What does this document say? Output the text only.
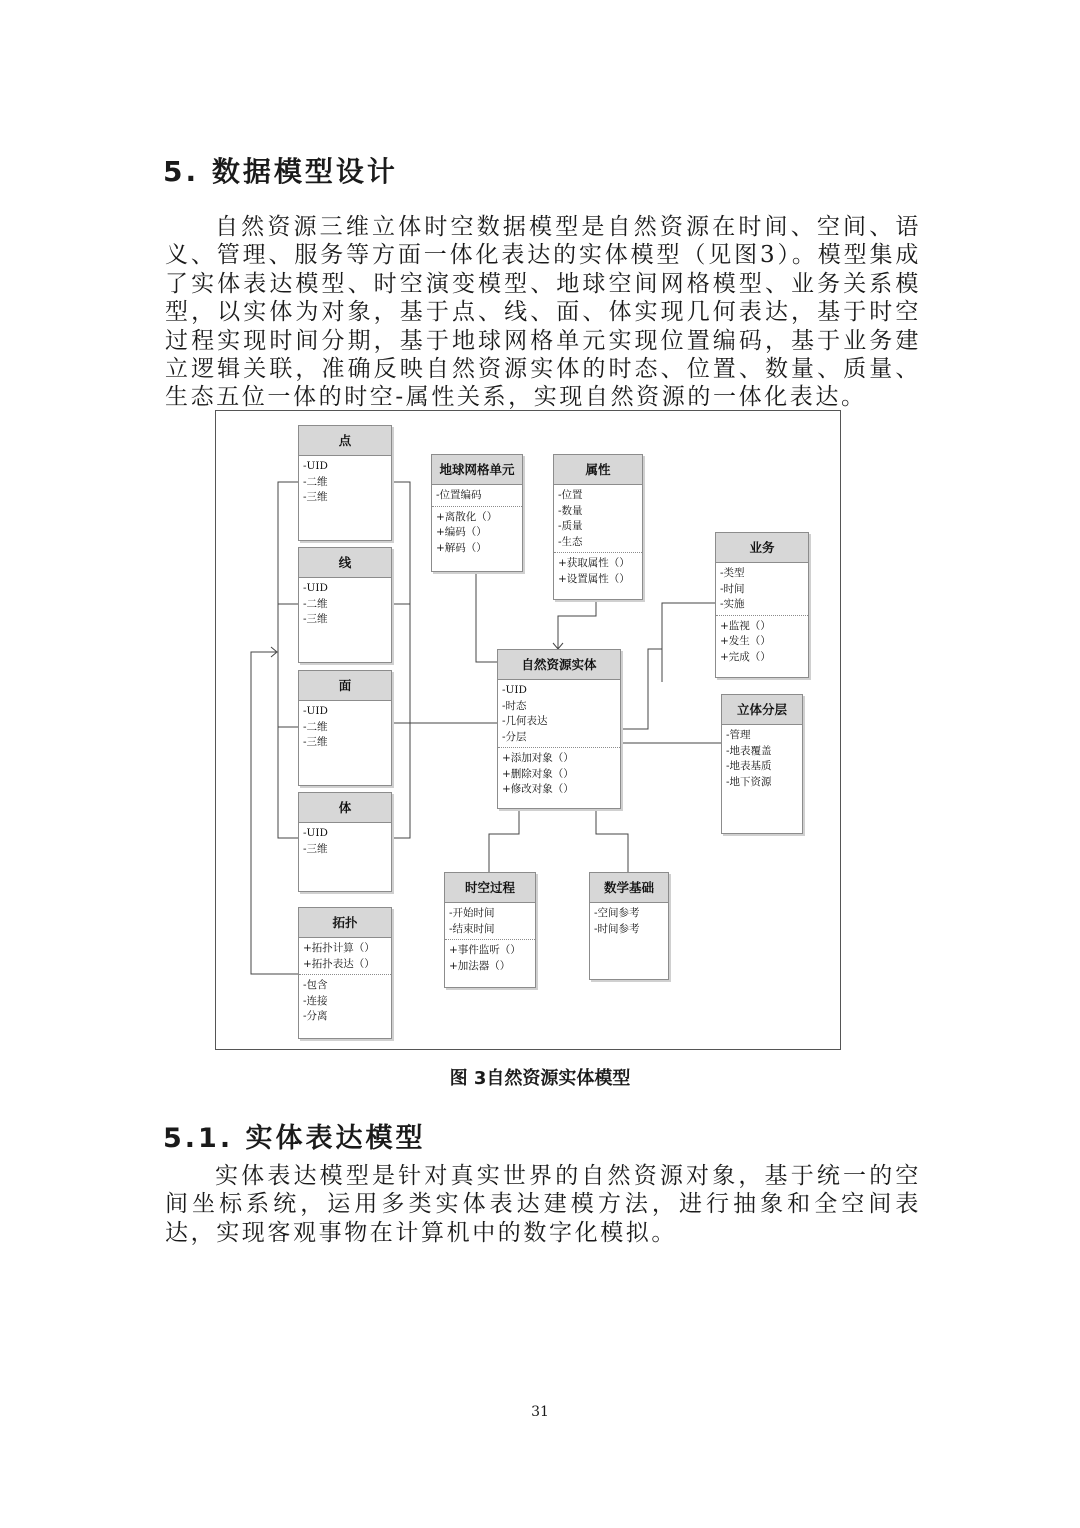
5. 数据模型设计

自然资源三维立体时空数据模型是自然资源在时间、空间、语义、管理、服务等方面一体化表达的实体模型（见图3）。模型集成了实体表达模型、时空演变模型、地球空间网格模型、业务关系模型，以实体为对象，基于点、线、面、体实现几何表达，基于时空过程实现时间分期，基于地球网格单元实现位置编码，基于业务建立逻辑关联，准确反映自然资源实体的时态、位置、数量、质量、生态五位一体的时空-属性关系，实现自然资源的一体化表达。

点
-UID
-二维
-三维
线
-UID
-二维
-三维
面
-UID
-二维
-三维
体
-UID
-三维
拓扑
+拓扑计算（）
+拓扑表达（）
-包含
-连接
-分离
地球网格单元
-位置编码
+离散化（）
+编码（）
+解码（）
属性
-位置
-数量
-质量
-生态
+获取属性（）
+设置属性（）
业务
-类型
-时间
-实施
+监视（）
+发生（）
+完成（）
自然资源实体
-UID
-时态
-几何表达
-分层
+添加对象（）
+删除对象（）
+修改对象（）
立体分层
-管理
-地表覆盖
-地表基质
-地下资源
时空过程
-开始时间
-结束时间
+事件监听（）
+加法器（）
数学基础
-空间参考
-时间参考
图 3自然资源实体模型
5.1. 实体表达模型

实体表达模型是针对真实世界的自然资源对象，基于统一的空间坐标系统，运用多类实体表达建模方法，进行抽象和全空间表达，实现客观事物在计算机中的数字化模拟。

31
